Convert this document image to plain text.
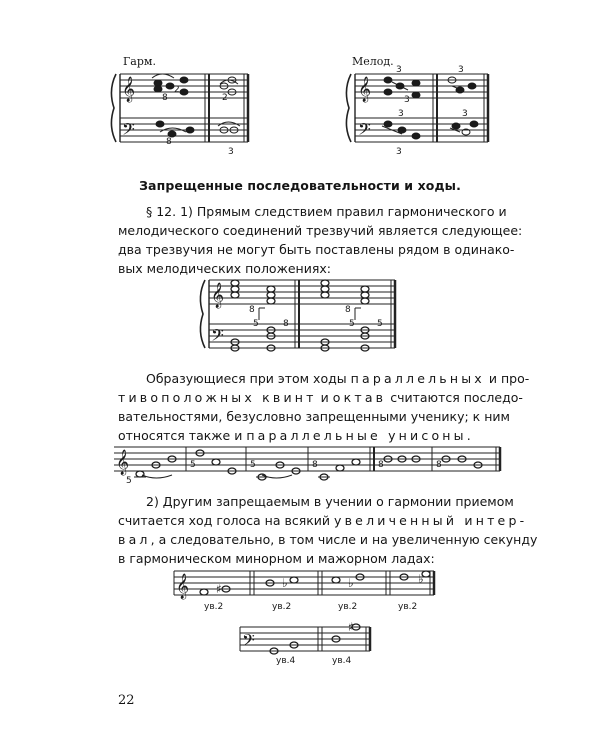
Гарм.	Мелод.
𝄞
𝄢
𝄞
𝄢
8
2
2
8
3
3
3
3
3	3
3
Запрещенные последовательности и ходы.
§ 12. 1) Прямым следствием правил гармонического и
мелодического соединений трезвучий является следующее:
два трезвучия не могут быть поставлены рядом в одинако-
вых мелодических положениях:
𝄞
𝄢
8	8
5	8	5 5
Образующиеся при этом ходы параллельных и про-
тивоположных квинт и октав считаются последо-
вательностями, безусловно запрещенными ученику; к ним
относятся также и параллельные унисоны.
𝄞
5
5	5	8	8	8
2) Другим запрещаемым в учении о гармонии приемом
считается ход голоса на всякий увеличенный интер-
вал, а следовательно, в том числе и на увеличенную секунду
в гармоническом минорном и мажорном ладах:
𝄞
𝄢
♯	♭	♭	♭
♯
ув.2	ув.2	ув.2	ув.2
ув.4	ув.4
22
